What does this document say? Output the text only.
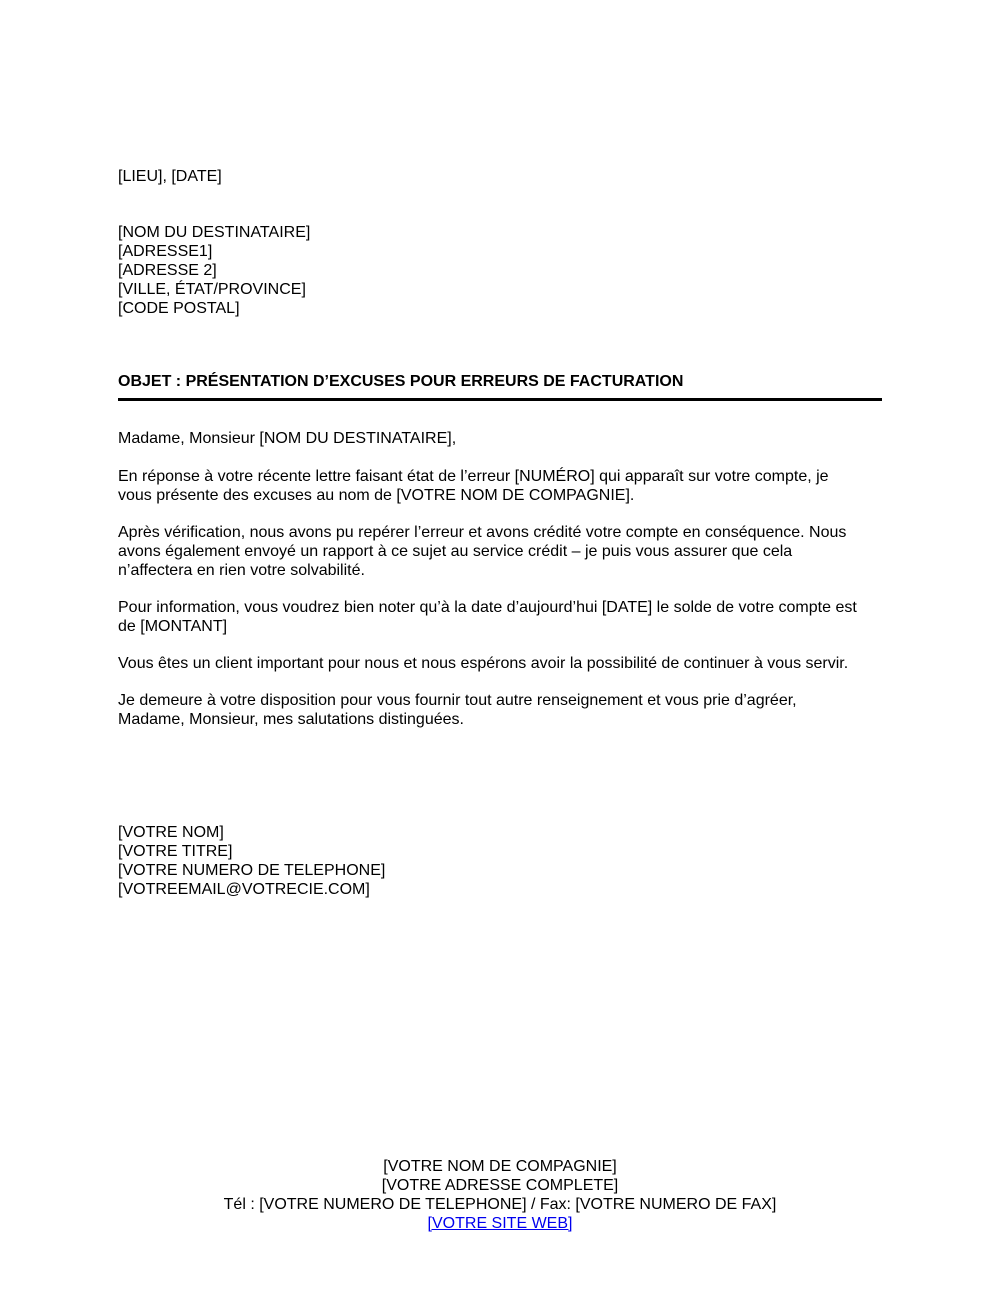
[LIEU], [DATE]
[NOM DU DESTINATAIRE]
[ADRESSE1]
[ADRESSE 2]
[VILLE, ÉTAT/PROVINCE]
[CODE POSTAL]
OBJET : PRÉSENTATION D’EXCUSES POUR ERREURS DE FACTURATION
Madame, Monsieur [NOM DU DESTINATAIRE],
En réponse à votre récente lettre faisant état de l’erreur [NUMÉRO] qui apparaît sur votre compte, je
vous présente des excuses au nom de [VOTRE NOM DE COMPAGNIE].
Après vérification, nous avons pu repérer l’erreur et avons crédité votre compte en conséquence. Nous
avons également envoyé un rapport à ce sujet au service crédit – je puis vous assurer que cela
n’affectera en rien votre solvabilité.
Pour information, vous voudrez bien noter qu’à la date d’aujourd’hui [DATE] le solde de votre compte est
de [MONTANT]
Vous êtes un client important pour nous et nous espérons avoir la possibilité de continuer à vous servir.
Je demeure à votre disposition pour vous fournir tout autre renseignement et vous prie d’agréer,
Madame, Monsieur, mes salutations distinguées.
[VOTRE NOM]
[VOTRE TITRE]
[VOTRE NUMERO DE TELEPHONE]
[VOTREEMAIL@VOTRECIE.COM]
[VOTRE NOM DE COMPAGNIE]
[VOTRE ADRESSE COMPLETE]
Tél : [VOTRE NUMERO DE TELEPHONE] / Fax: [VOTRE NUMERO DE FAX]
[VOTRE SITE WEB]
